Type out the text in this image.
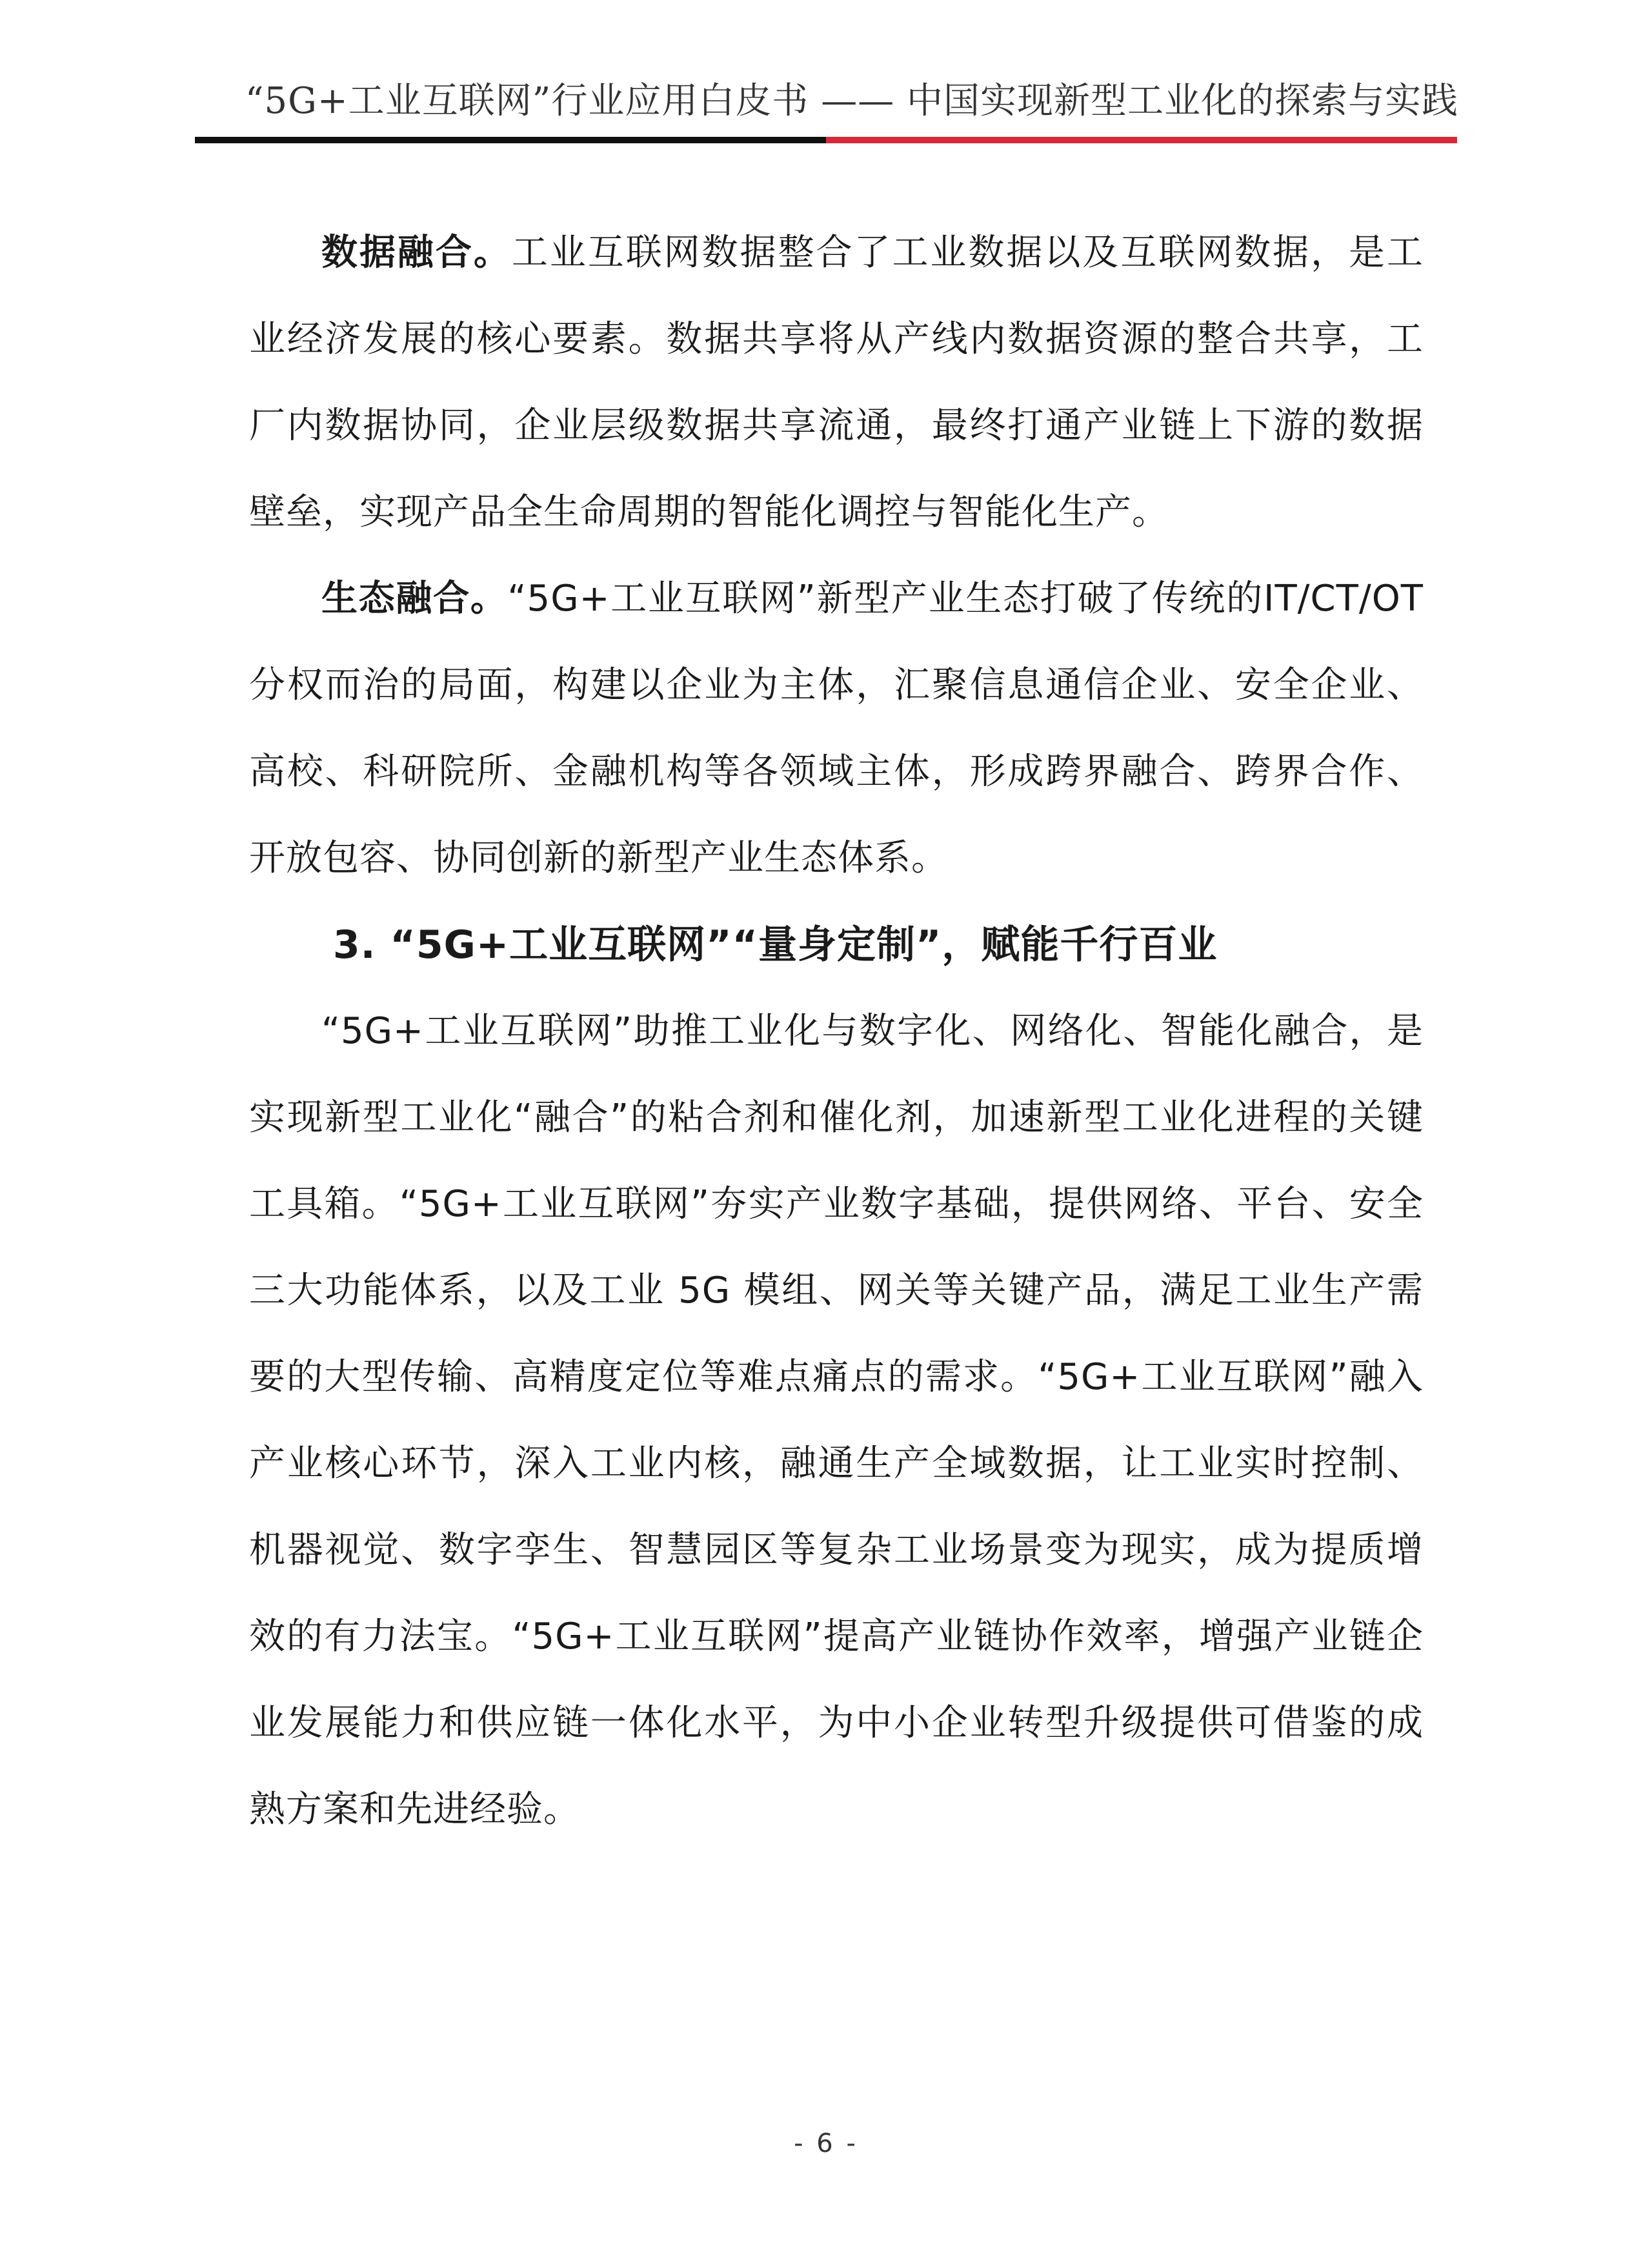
“5G+工业互联网”行业应用白皮书 —— 中国实现新型工业化的探索与实践

数据融合。工业互联网数据整合了工业数据以及互联网数据，是工业经济发展的核心要素。数据共享将从产线内数据资源的整合共享，工厂内数据协同，企业层级数据共享流通，最终打通产业链上下游的数据壁垒，实现产品全生命周期的智能化调控与智能化生产。

生态融合。“5G+工业互联网”新型产业生态打破了传统的IT/CT/OT 分权而治的局面，构建以企业为主体，汇聚信息通信企业、安全企业、高校、科研院所、金融机构等各领域主体，形成跨界融合、跨界合作、开放包容、协同创新的新型产业生态体系。

3. “5G+工业互联网”“量身定制”，赋能千行百业

“5G+工业互联网”助推工业化与数字化、网络化、智能化融合，是实现新型工业化“融合”的粘合剂和催化剂，加速新型工业化进程的关键工具箱。“5G+工业互联网”夯实产业数字基础，提供网络、平台、安全三大功能体系，以及工业 5G 模组、网关等关键产品，满足工业生产需要的大型传输、高精度定位等难点痛点的需求。“5G+工业互联网”融入产业核心环节，深入工业内核，融通生产全域数据，让工业实时控制、机器视觉、数字孪生、智慧园区等复杂工业场景变为现实，成为提质增效的有力法宝。“5G+工业互联网”提高产业链协作效率，增强产业链企业发展能力和供应链一体化水平，为中小企业转型升级提供可借鉴的成熟方案和先进经验。

- 6 -
